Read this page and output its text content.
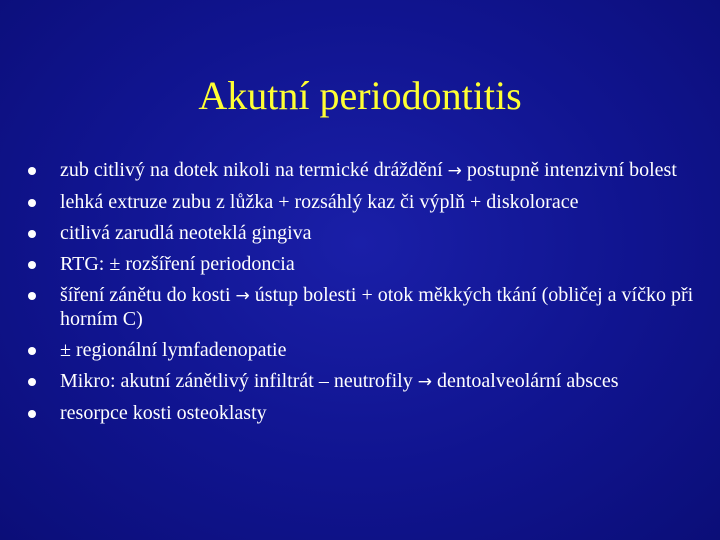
Akutní periodontitis
zub citlivý na dotek nikoli na termické dráždění → postupně intenzivní bolest
lehká extruze zubu z lůžka + rozsáhlý kaz či výplň + diskolorace
citlivá zarudlá neoteklá gingiva
RTG: ± rozšíření periodoncia
šíření zánětu do kosti → ústup bolesti + otok měkkých tkání (obličej a víčko při horním C)
± regionální lymfadenopatie
Mikro: akutní zánětlivý infiltrát – neutrofily → dentoalveolární absces
resorpce kosti osteoklasty
